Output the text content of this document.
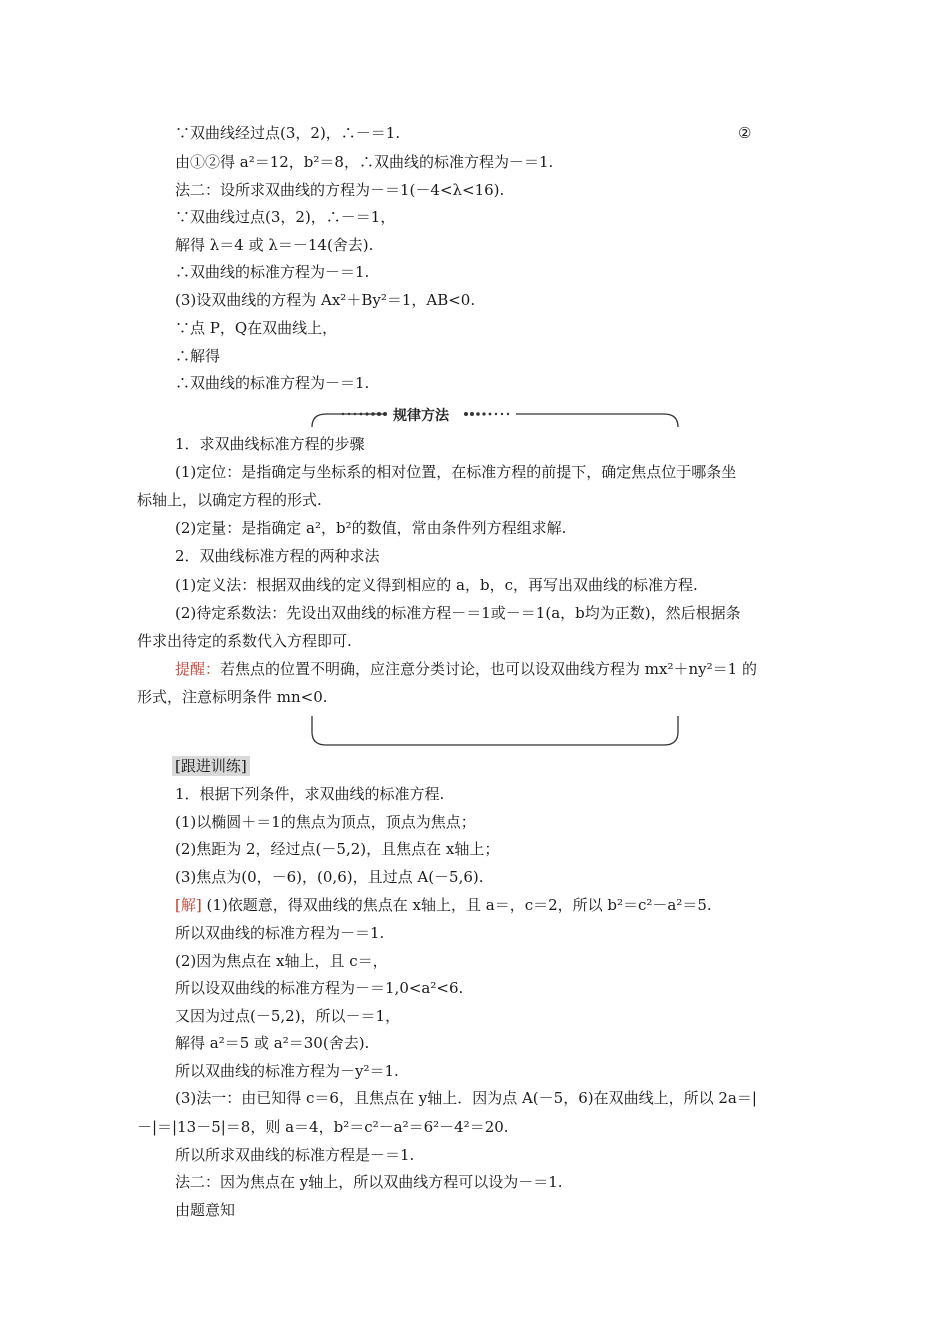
∵双曲线经过点(3，2)，∴－＝1.
由①②得 a²＝12，b²＝8，∴双曲线的标准方程为－＝1.
法二：设所求双曲线的方程为－＝1(－4<λ<16).
∵双曲线过点(3，2)，∴－＝1，
解得 λ＝4 或 λ＝－14(舍去).
∴双曲线的标准方程为－＝1.
(3)设双曲线的方程为 Ax²＋By²＝1，AB<0.
∵点 P，Q在双曲线上，
∴解得
∴双曲线的标准方程为－＝1.
1．求双曲线标准方程的步骤
(1)定位：是指确定与坐标系的相对位置，在标准方程的前提下，确定焦点位于哪条坐
标轴上，以确定方程的形式.
(2)定量：是指确定 a²，b²的数值，常由条件列方程组求解.
2．双曲线标准方程的两种求法
(1)定义法：根据双曲线的定义得到相应的 a，b，c，再写出双曲线的标准方程.
(2)待定系数法：先设出双曲线的标准方程－＝1或－＝1(a，b均为正数)，然后根据条
件求出待定的系数代入方程即可.
形式，注意标明条件 mn<0.
1．根据下列条件，求双曲线的标准方程.
(1)以椭圆＋＝1的焦点为顶点，顶点为焦点；
(2)焦距为 2，经过点(－5,2)，且焦点在 x轴上；
(3)焦点为(0，－6)，(0,6)，且过点 A(－5,6).
所以双曲线的标准方程为－＝1.
(2)因为焦点在 x轴上，且 c＝，
所以设双曲线的标准方程为－＝1,0<a²<6.
又因为过点(－5,2)，所以－＝1，
解得 a²＝5 或 a²＝30(舍去).
所以双曲线的标准方程为－y²＝1.
(3)法一：由已知得 c＝6，且焦点在 y轴上．因为点 A(－5，6)在双曲线上，所以 2a＝|
－|＝|13－5|＝8，则 a＝4，b²＝c²－a²＝6²－4²＝20.
所以所求双曲线的标准方程是－＝1.
法二：因为焦点在 y轴上，所以双曲线方程可以设为－＝1.
由题意知
②
规律方法
提醒：若焦点的位置不明确，应注意分类讨论，也可以设双曲线方程为 mx²＋ny²＝1 的
[跟进训练]
[解] (1)依题意，得双曲线的焦点在 x轴上，且 a＝，c＝2，所以 b²＝c²－a²＝5.
